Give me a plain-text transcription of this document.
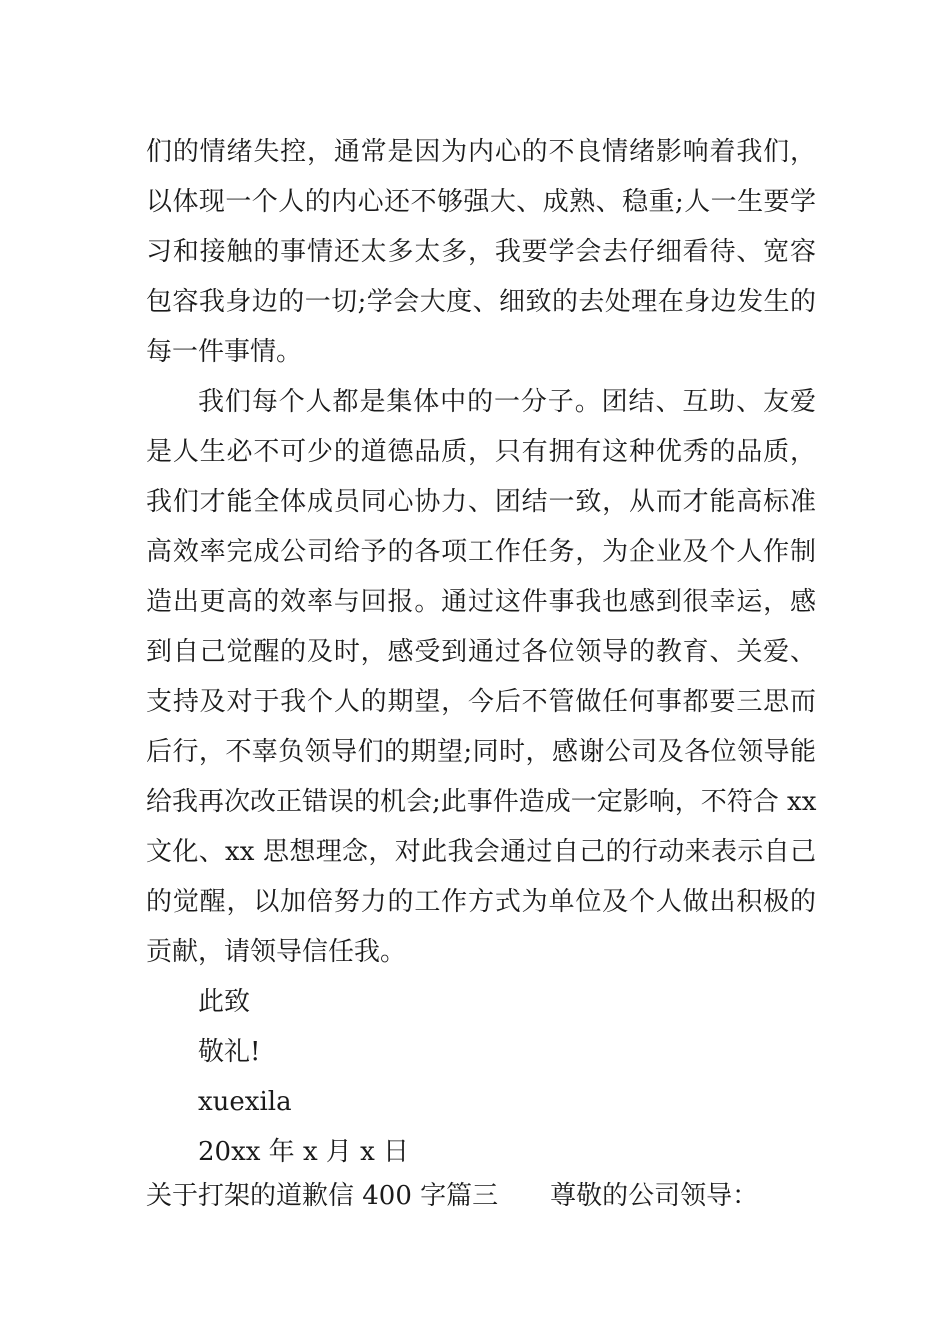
们的情绪失控，通常是因为内心的不良情绪影响着我们，
以体现一个人的内心还不够强大、成熟、稳重;人一生要学
习和接触的事情还太多太多，我要学会去仔细看待、宽容
包容我身边的一切;学会大度、细致的去处理在身边发生的
每一件事情。
我们每个人都是集体中的一分子。团结、互助、友爱
是人生必不可少的道德品质，只有拥有这种优秀的品质，
我们才能全体成员同心协力、团结一致，从而才能高标准
高效率完成公司给予的各项工作任务，为企业及个人作制
造出更高的效率与回报。通过这件事我也感到很幸运，感
到自己觉醒的及时，感受到通过各位领导的教育、关爱、
支持及对于我个人的期望，今后不管做任何事都要三思而
后行，不辜负领导们的期望;同时，感谢公司及各位领导能
给我再次改正错误的机会;此事件造成一定影响，不符合 xx
文化、xx 思想理念，对此我会通过自己的行动来表示自己
的觉醒，以加倍努力的工作方式为单位及个人做出积极的
贡献，请领导信任我。
此致
敬礼!
xuexila
20xx 年 x 月 x 日
关于打架的道歉信 400 字篇三 尊敬的公司领导：
